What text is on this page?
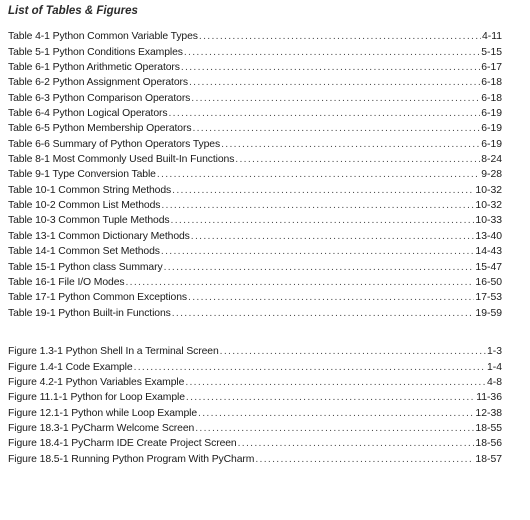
List of Tables & Figures
Table 4-1 Python Common Variable Types .....	4-11
Table 5-1 Python Conditions Examples .....	5-15
Table 6-1 Python Arithmetic Operators .....	6-17
Table 6-2 Python Assignment Operators .....	6-18
Table 6-3 Python Comparison Operators .....	6-18
Table 6-4 Python Logical Operators .....	6-19
Table 6-5 Python Membership Operators .....	6-19
Table 6-6 Summary of Python Operators Types .....	6-19
Table 8-1 Most Commonly Used Built-In Functions .....	8-24
Table 9-1 Type Conversion Table .....	9-28
Table 10-1 Common String Methods .....	10-32
Table 10-2 Common List Methods .....	10-32
Table 10-3 Common Tuple Methods .....	10-33
Table 13-1 Common Dictionary Methods .....	13-40
Table 14-1 Common Set Methods .....	14-43
Table 15-1 Python class Summary .....	15-47
Table 16-1 File I/O Modes .....	16-50
Table 17-1 Python Common Exceptions .....	17-53
Table 19-1 Python Built-in Functions .....	19-59
Figure 1.3-1 Python Shell In a Terminal Screen .....	1-3
Figure 1.4-1 Code Example .....	1-4
Figure 4.2-1 Python Variables Example .....	4-8
Figure 11.1-1 Python for Loop Example .....	11-36
Figure 12.1-1 Python while Loop Example .....	12-38
Figure 18.3-1 PyCharm Welcome Screen .....	18-55
Figure 18.4-1 PyCharm IDE Create Project Screen .....	18-56
Figure 18.5-1 Running Python Program With PyCharm .....	18-57
